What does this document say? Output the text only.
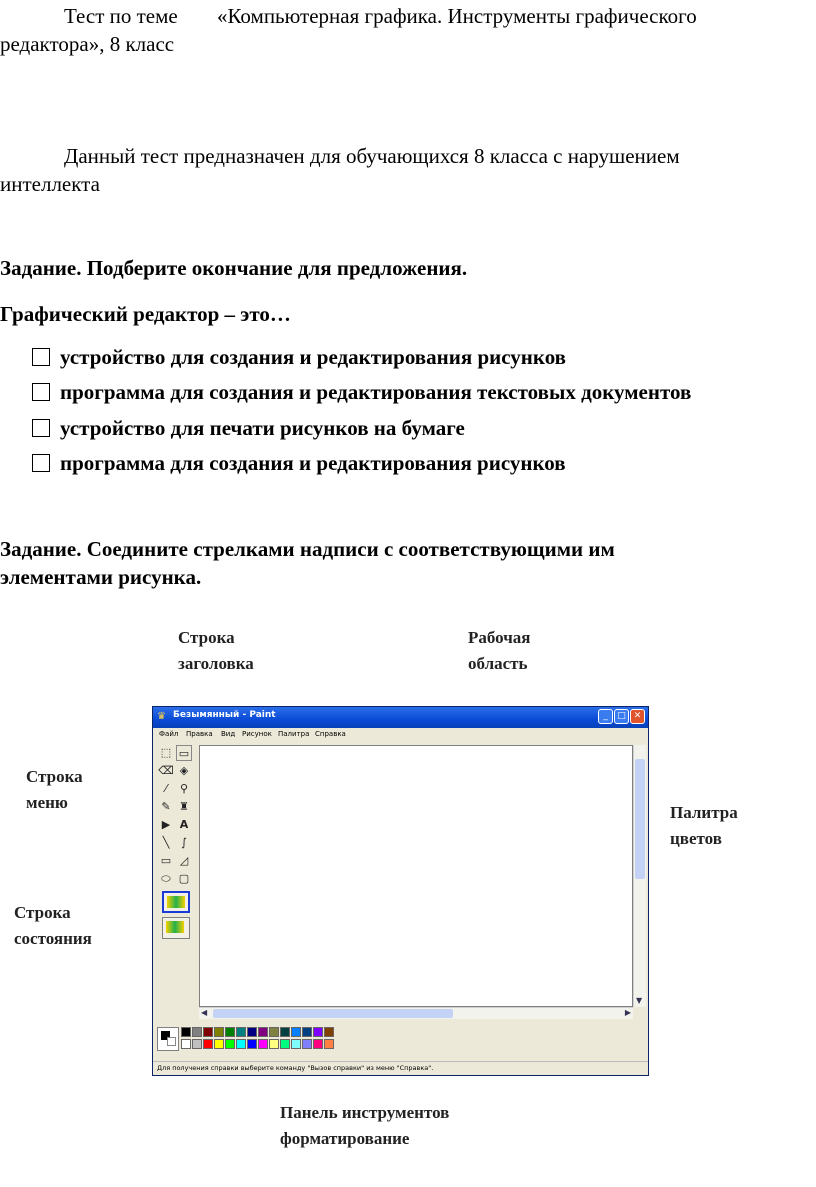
Тест по теме «Компьютерная графика. Инструменты графического
редактора», 8 класс
Данный тест предназначен для обучающихся 8 класса с нарушением
интеллекта
Задание. Подберите окончание для предложения.
Графический редактор – это…
устройство для создания и редактирования рисунков
программа для создания и редактирования текстовых документов
устройство для печати рисунков на бумаге
программа для создания и редактирования рисунков
Задание. Соедините стрелками надписи с соответствующими им
элементами рисунка.
Строка
заголовка
Рабочая
область
Строка
меню
Палитра
цветов
Строка
состояния
Панель инструментов
форматирование
♛ Безымянный - Paint	_	□ ✕
Файл Правка Вид Рисунок Палитра Справка
⬚ ▭
⌫ ◈
⁄	⚲
✎ ♜
▶ A
╲	∫
▭ ◿
⬭ ▢
▼
◀	▶
Для получения справки выберите команду "Вызов справки" из меню "Справка".
